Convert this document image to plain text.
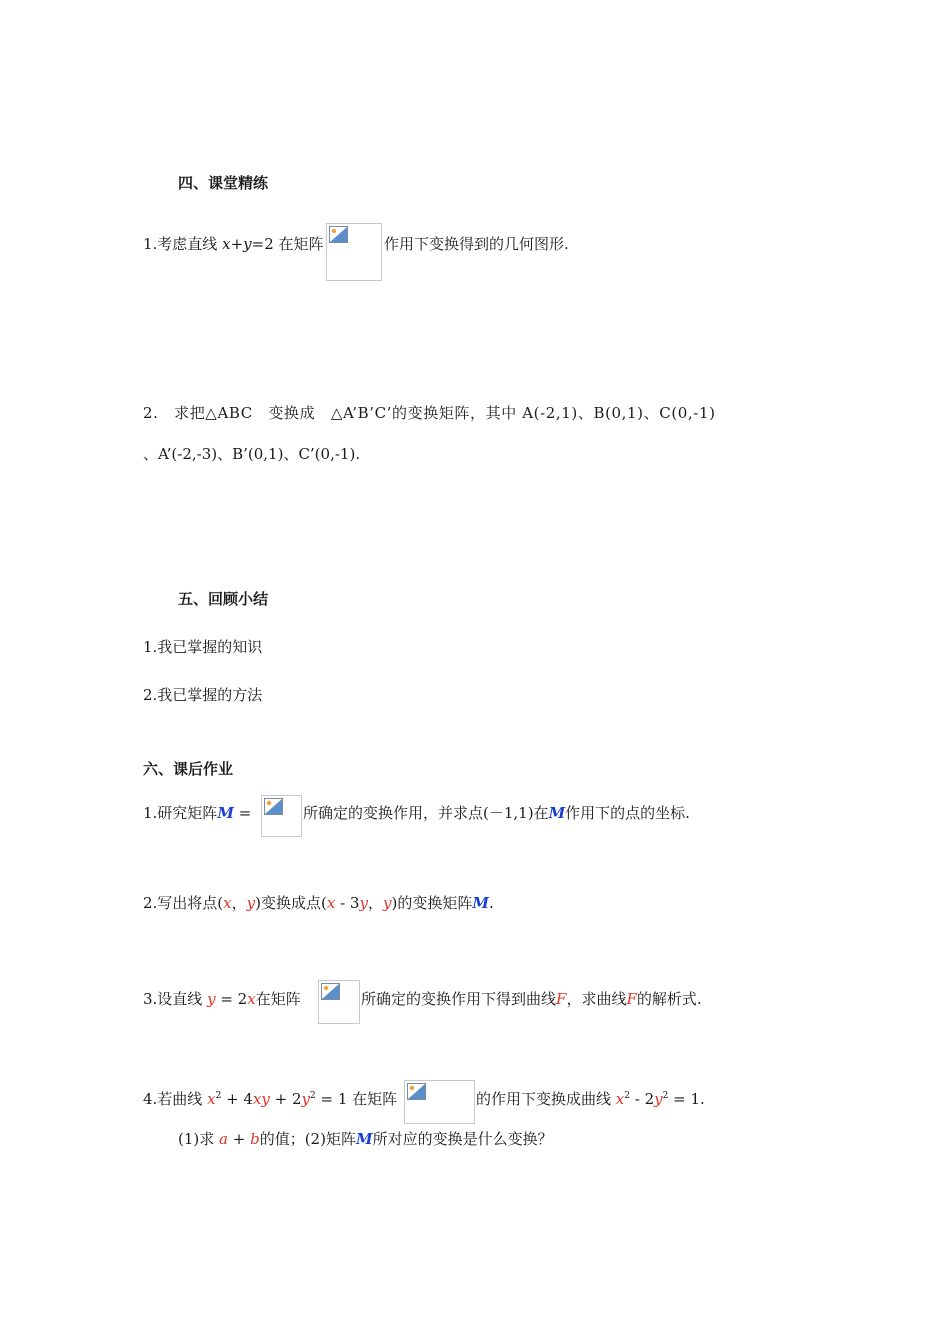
四、课堂精练
1.考虑直线 x+y=2 在矩阵	作用下变换得到的几何图形.
2.　求把△ABC　变换成　△A’B’C’的变换矩阵，其中 A(-2,1)、B(0,1)、C(0,-1)
、A’(-2,-3)、B’(0,1)、C’(0,-1).
五、回顾小结
1.我已掌握的知识
2.我已掌握的方法
六、课后作业
1.研究矩阵M =	所确定的变换作用，并求点(－1,1)在M作用下的点的坐标.
2.写出将点(x，y)变换成点(x - 3y，y)的变换矩阵M.
3.设直线 y = 2x在矩阵	所确定的变换作用下得到曲线F，求曲线F的解析式.
4.若曲线 $x^2 + 4xy + 2y^2 = 1$ 在矩阵	的作用下变换成曲线 $x^2 - 2y^2 = 1$.
(1)求 a + b的值；(2)矩阵M所对应的变换是什么变换？
